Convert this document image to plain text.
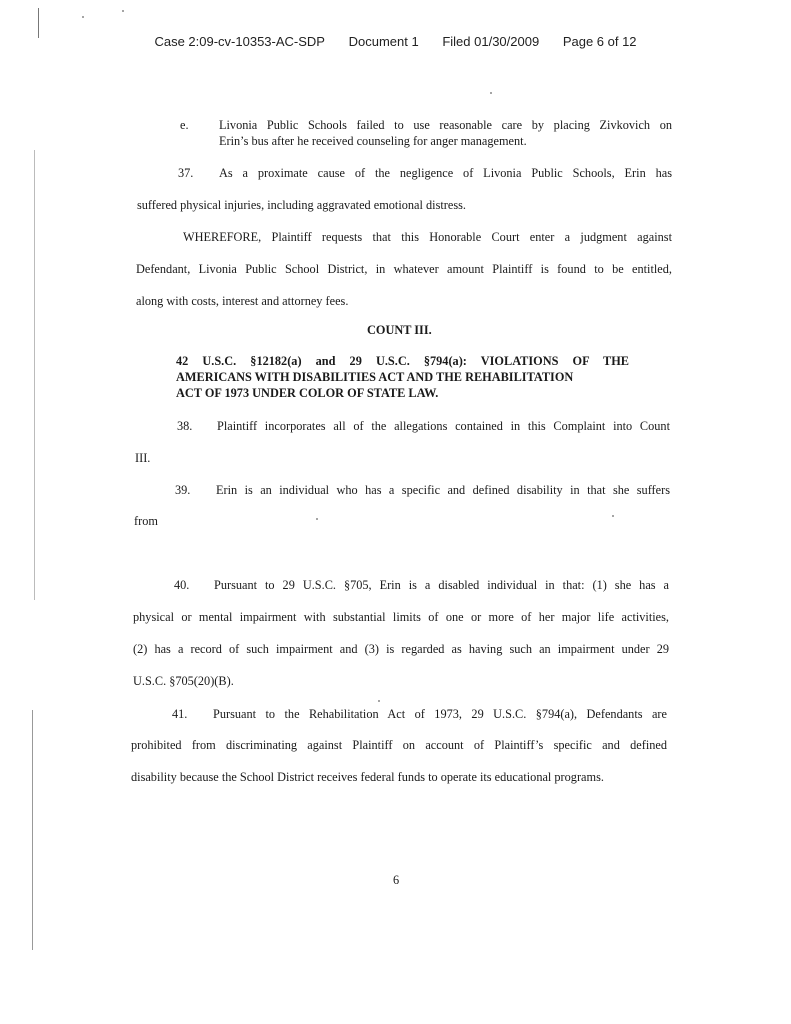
Case 2:09-cv-10353-AC-SDP Document 1 Filed 01/30/2009 Page 6 of 12
e. Livonia Public Schools failed to use reasonable care by placing Zivkovich on
Erin’s bus after he received counseling for anger management.
37. As a proximate cause of the negligence of Livonia Public Schools, Erin has
suffered physical injuries, including aggravated emotional distress.
WHEREFORE, Plaintiff requests that this Honorable Court enter a judgment against
Defendant, Livonia Public School District, in whatever amount Plaintiff is found to be entitled,
along with costs, interest and attorney fees.
COUNT III.
42 U.S.C. §12182(a) and 29 U.S.C. §794(a): VIOLATIONS OF THE
AMERICANS WITH DISABILITIES ACT AND THE REHABILITATION
ACT OF 1973 UNDER COLOR OF STATE LAW.
38. Plaintiff incorporates all of the allegations contained in this Complaint into Count
III.
39. Erin is an individual who has a specific and defined disability in that she suffers
from
40. Pursuant to 29 U.S.C. §705, Erin is a disabled individual in that: (1) she has a
physical or mental impairment with substantial limits of one or more of her major life activities,
(2) has a record of such impairment and (3) is regarded as having such an impairment under 29
U.S.C. §705(20)(B).
41. Pursuant to the Rehabilitation Act of 1973, 29 U.S.C. §794(a), Defendants are
prohibited from discriminating against Plaintiff on account of Plaintiff’s specific and defined
disability because the School District receives federal funds to operate its educational programs.
6
